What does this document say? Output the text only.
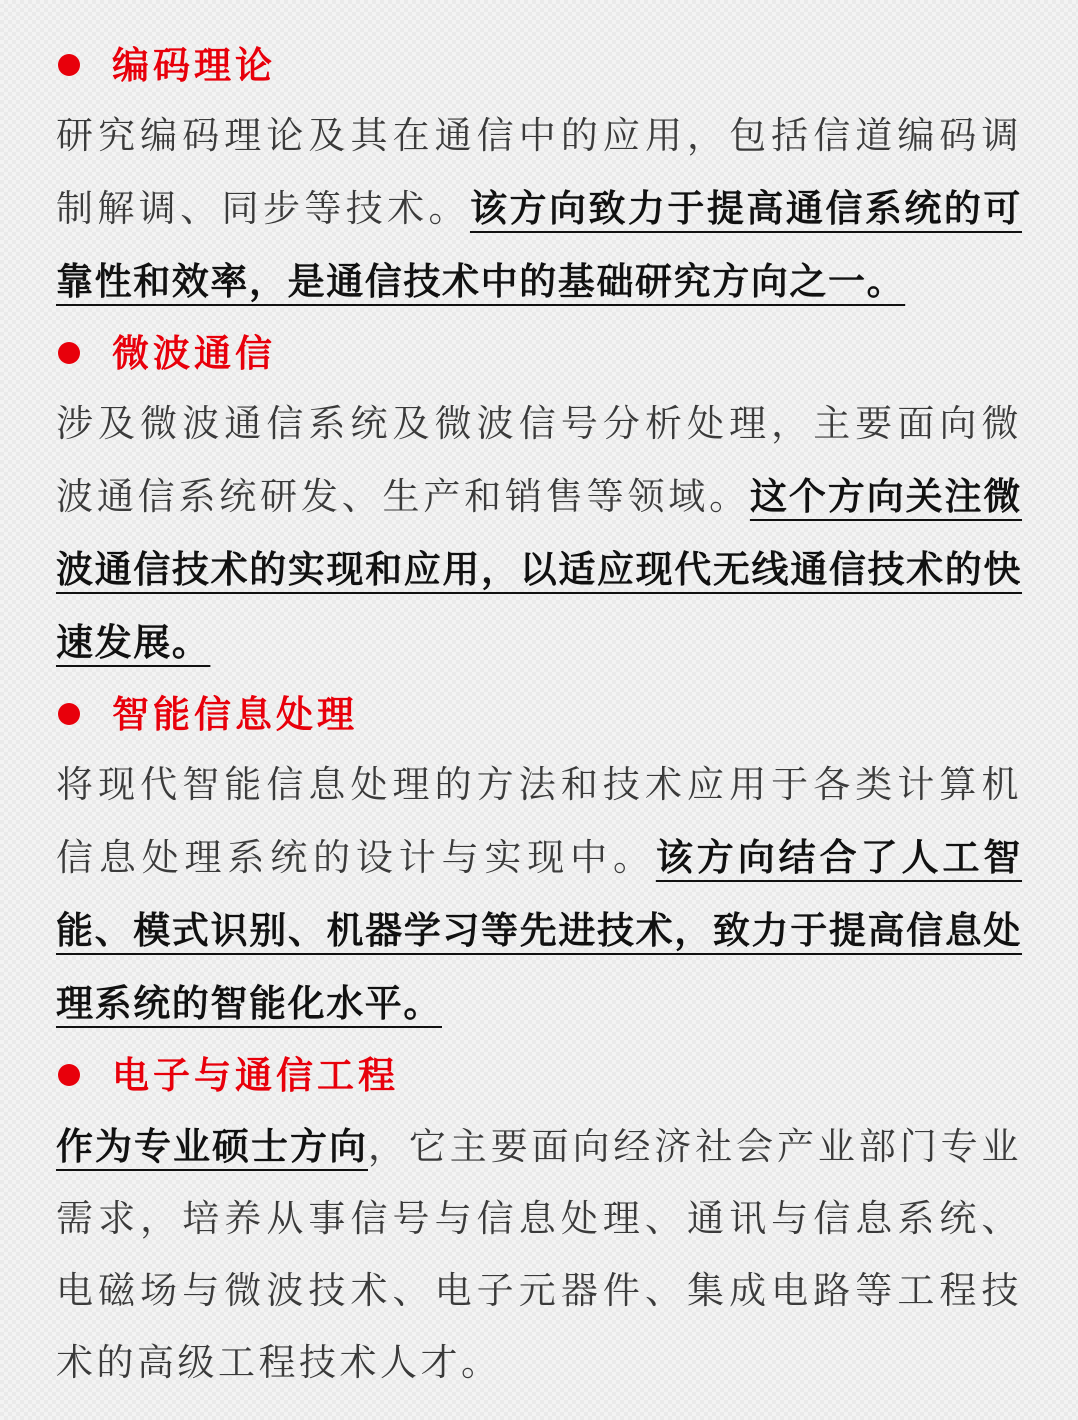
编码理论

研究编码理论及其在通信中的应用，包括信道编码调制解调、同步等技术。该方向致力于提高通信系统的可靠性和效率，是通信技术中的基础研究方向之一。

微波通信

涉及微波通信系统及微波信号分析处理，主要面向微波通信系统研发、生产和销售等领域。这个方向关注微波通信技术的实现和应用，以适应现代无线通信技术的快速发展。

智能信息处理

将现代智能信息处理的方法和技术应用于各类计算机信息处理系统的设计与实现中。该方向结合了人工智能、模式识别、机器学习等先进技术，致力于提高信息处理系统的智能化水平。

电子与通信工程

作为专业硕士方向，它主要面向经济社会产业部门专业需求，培养从事信号与信息处理、通讯与信息系统、电磁场与微波技术、电子元器件、集成电路等工程技术的高级工程技术人才。
